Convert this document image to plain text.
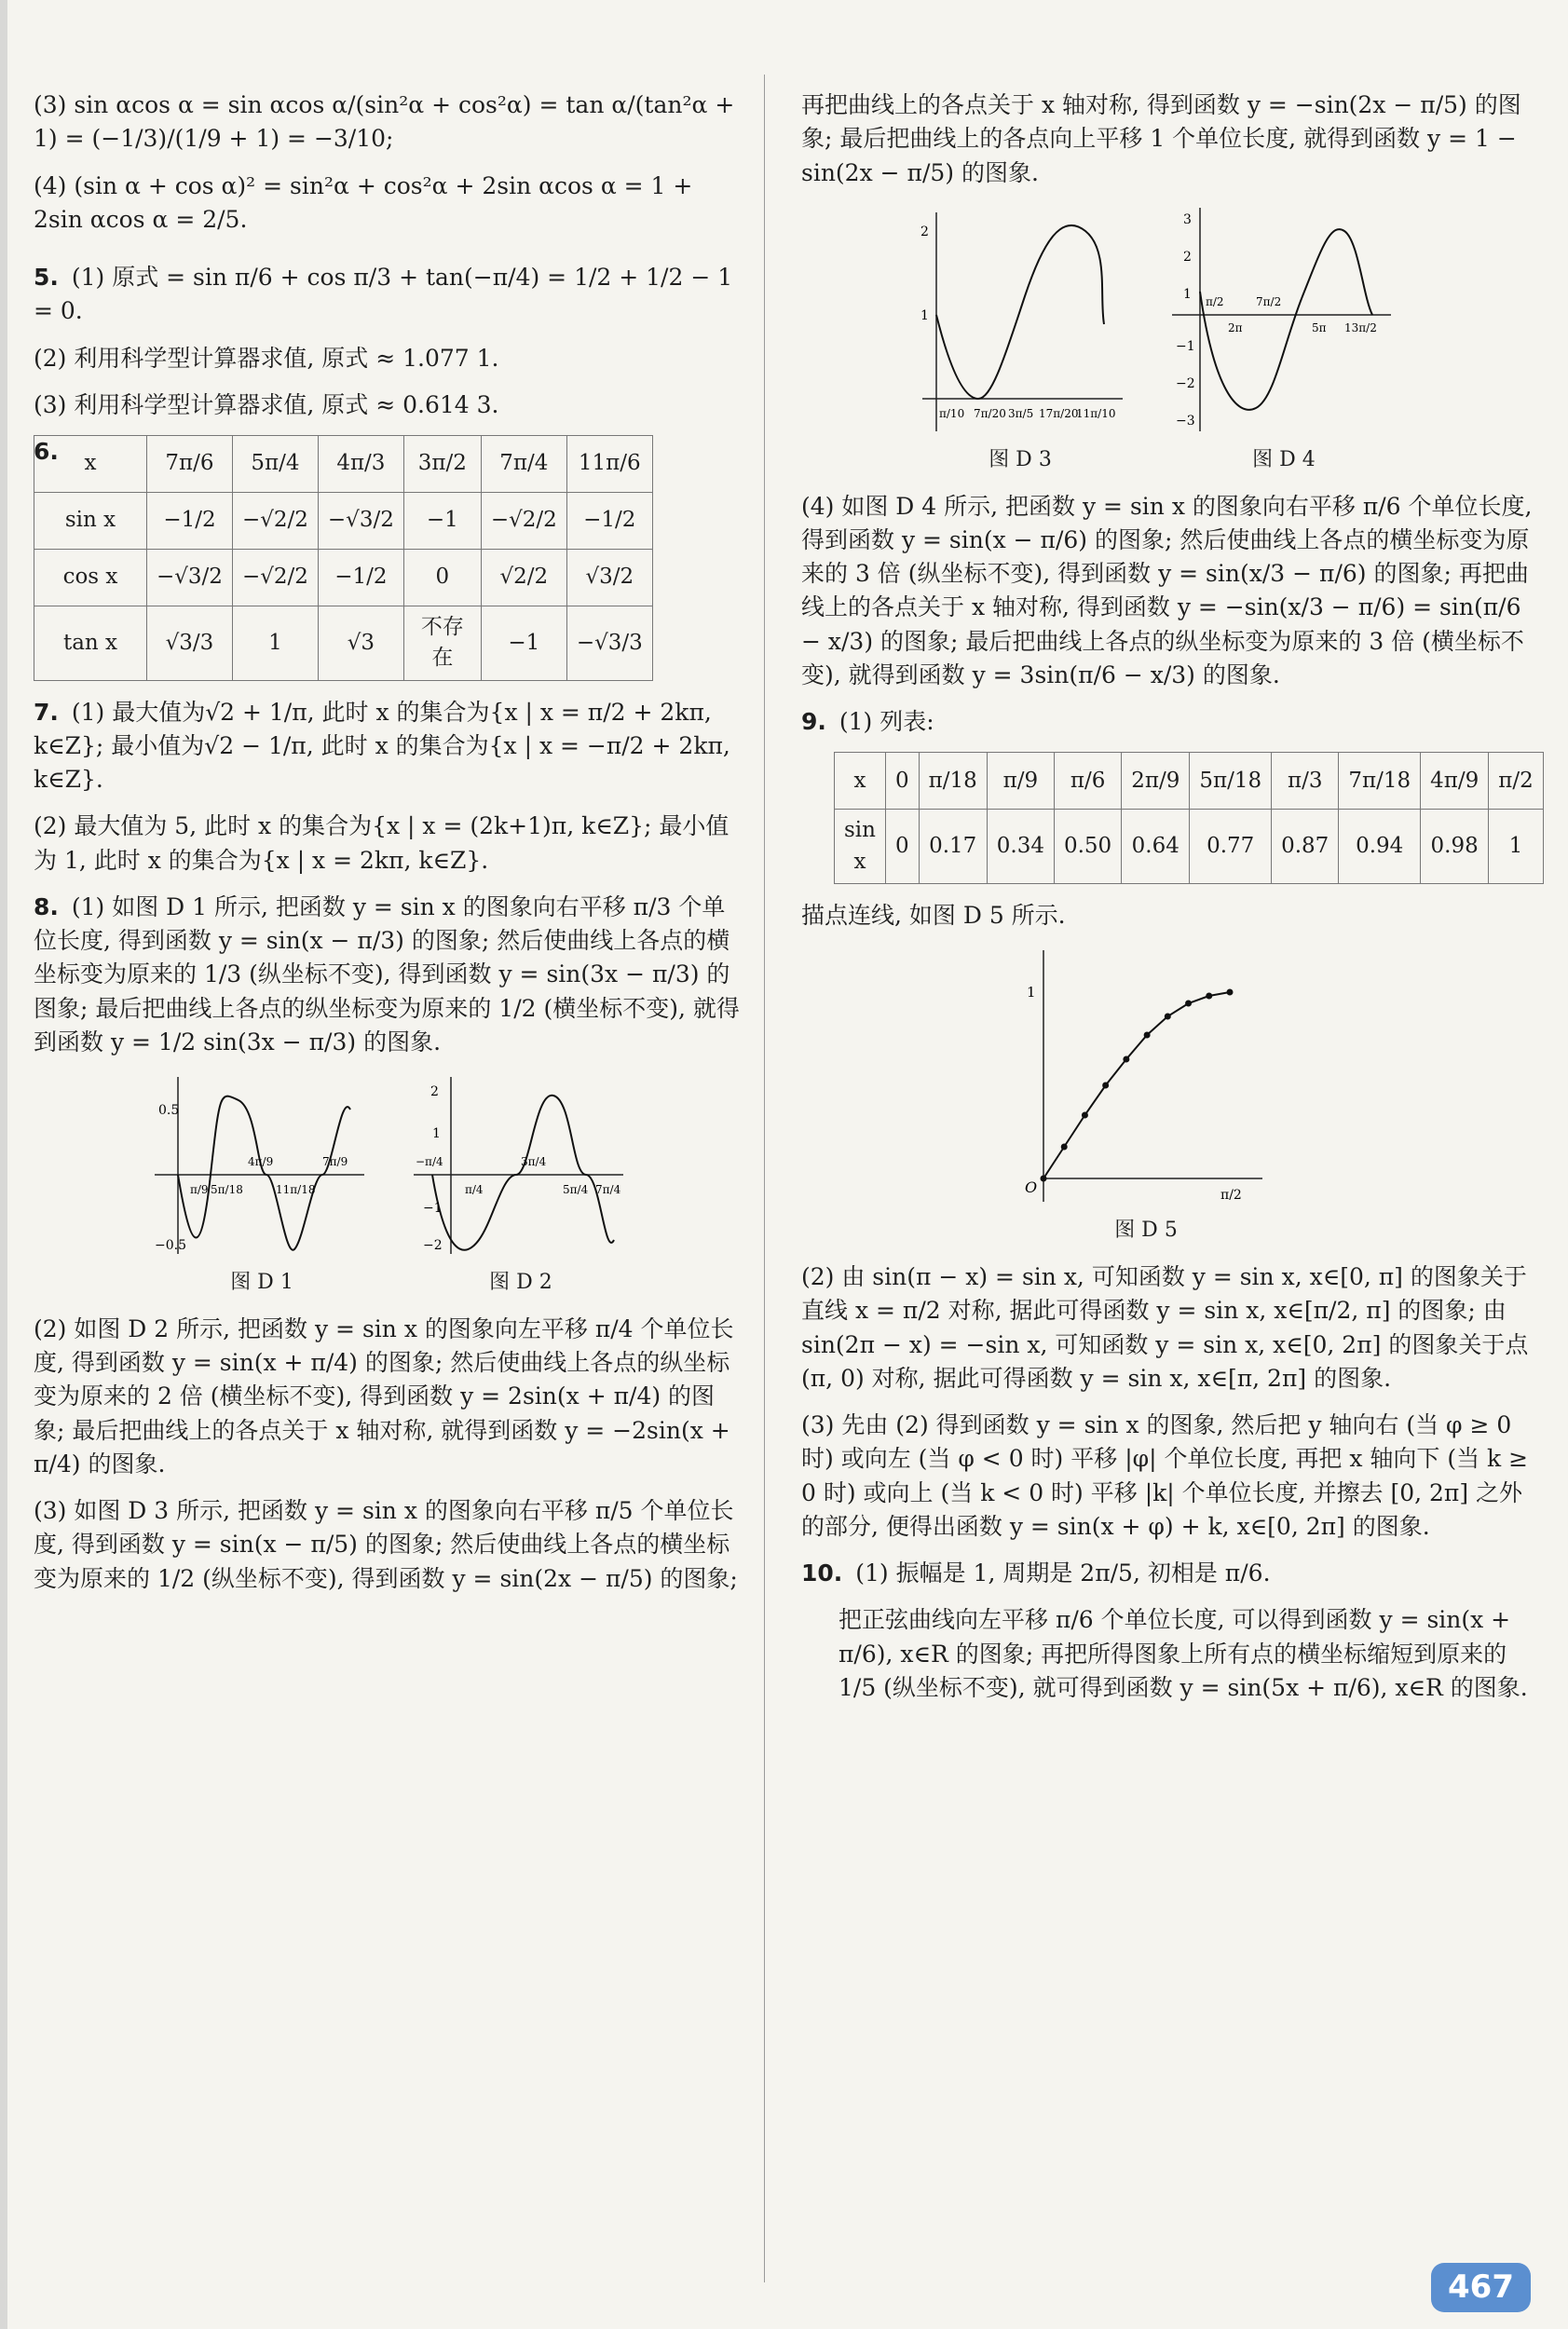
(3) sin αcos α = sin αcos α/(sin²α + cos²α) = tan α/(tan²α + 1) = (−1/3)/(1/9 + 1) = −3/10;

(4) (sin α + cos α)² = sin²α + cos²α + 2sin αcos α = 1 + 2sin αcos α = 2/5.

5. (1) 原式 = sin π/6 + cos π/3 + tan(−π/4) = 1/2 + 1/2 − 1 = 0.

(2) 利用科学型计算器求值, 原式 ≈ 1.077 1.

(3) 利用科学型计算器求值, 原式 ≈ 0.614 3.

6. x	7π/6	5π/4	4π/3	3π/2	7π/4	11π/6
sin x	−1/2	−√2/2	−√3/2	−1	−√2/2	−1/2
cos x	−√3/2	−√2/2	−1/2	0	√2/2	√3/2
tan x	√3/3	1	√3	不存在	−1	−√3/3

7. (1) 最大值为√2 + 1/π, 此时 x 的集合为{x | x = π/2 + 2kπ, k∈Z}; 最小值为√2 − 1/π, 此时 x 的集合为{x | x = −π/2 + 2kπ, k∈Z}.

(2) 最大值为 5, 此时 x 的集合为{x | x = (2k+1)π, k∈Z}; 最小值为 1, 此时 x 的集合为{x | x = 2kπ, k∈Z}.

8. (1) 如图 D 1 所示, 把函数 y = sin x 的图象向右平移 π/3 个单位长度, 得到函数 y = sin(x − π/3) 的图象; 然后使曲线上各点的横坐标变为原来的 1/3 (纵坐标不变), 得到函数 y = sin(3x − π/3) 的图象; 最后把曲线上各点的纵坐标变为原来的 1/2 (横坐标不变), 就得到函数 y = 1/2 sin(3x − π/3) 的图象.

0.5
−0.5
π/9 5π/18
4π/9
11π/18
7π/9
图 D 1

2
1
−1
−2
−π/4
π/4
3π/4
5π/4 7π/4
图 D 2

(2) 如图 D 2 所示, 把函数 y = sin x 的图象向左平移 π/4 个单位长度, 得到函数 y = sin(x + π/4) 的图象; 然后使曲线上各点的纵坐标变为原来的 2 倍 (横坐标不变), 得到函数 y = 2sin(x + π/4) 的图象; 最后把曲线上的各点关于 x 轴对称, 就得到函数 y = −2sin(x + π/4) 的图象.

(3) 如图 D 3 所示, 把函数 y = sin x 的图象向右平移 π/5 个单位长度, 得到函数 y = sin(x − π/5) 的图象; 然后使曲线上各点的横坐标变为原来的 1/2 (纵坐标不变), 得到函数 y = sin(2x − π/5) 的图象;

再把曲线上的各点关于 x 轴对称, 得到函数 y = −sin(2x − π/5) 的图象; 最后把曲线上的各点向上平移 1 个单位长度, 就得到函数 y = 1 − sin(2x − π/5) 的图象.

2
1
π/10 7π/20 3π/5 17π/20
11π/10
图 D 3

3
2
1
−1
−2
−3
π/2	7π/2
2π	5π 13π/2
图 D 4

(4) 如图 D 4 所示, 把函数 y = sin x 的图象向右平移 π/6 个单位长度, 得到函数 y = sin(x − π/6) 的图象; 然后使曲线上各点的横坐标变为原来的 3 倍 (纵坐标不变), 得到函数 y = sin(x/3 − π/6) 的图象; 再把曲线上的各点关于 x 轴对称, 得到函数 y = −sin(x/3 − π/6) = sin(π/6 − x/3) 的图象; 最后把曲线上各点的纵坐标变为原来的 3 倍 (横坐标不变), 就得到函数 y = 3sin(π/6 − x/3) 的图象.

9. (1) 列表:

x	0	π/18	π/9	π/6	2π/9	5π/18	π/3	7π/18	4π/9	π/2
sin x	0	0.17	0.34	0.50	0.64	0.77	0.87	0.94	0.98	1

描点连线, 如图 D 5 所示.

O
1
π/2
图 D 5

(2) 由 sin(π − x) = sin x, 可知函数 y = sin x, x∈[0, π] 的图象关于直线 x = π/2 对称, 据此可得函数 y = sin x, x∈[π/2, π] 的图象; 由 sin(2π − x) = −sin x, 可知函数 y = sin x, x∈[0, 2π] 的图象关于点 (π, 0) 对称, 据此可得函数 y = sin x, x∈[π, 2π] 的图象.

(3) 先由 (2) 得到函数 y = sin x 的图象, 然后把 y 轴向右 (当 φ ≥ 0 时) 或向左 (当 φ < 0 时) 平移 |φ| 个单位长度, 再把 x 轴向下 (当 k ≥ 0 时) 或向上 (当 k < 0 时) 平移 |k| 个单位长度, 并擦去 [0, 2π] 之外的部分, 便得出函数 y = sin(x + φ) + k, x∈[0, 2π] 的图象.

10. (1) 振幅是 1, 周期是 2π/5, 初相是 π/6.

把正弦曲线向左平移 π/6 个单位长度, 可以得到函数 y = sin(x + π/6), x∈R 的图象; 再把所得图象上所有点的横坐标缩短到原来的 1/5 (纵坐标不变), 就可得到函数 y = sin(5x + π/6), x∈R 的图象.

467
